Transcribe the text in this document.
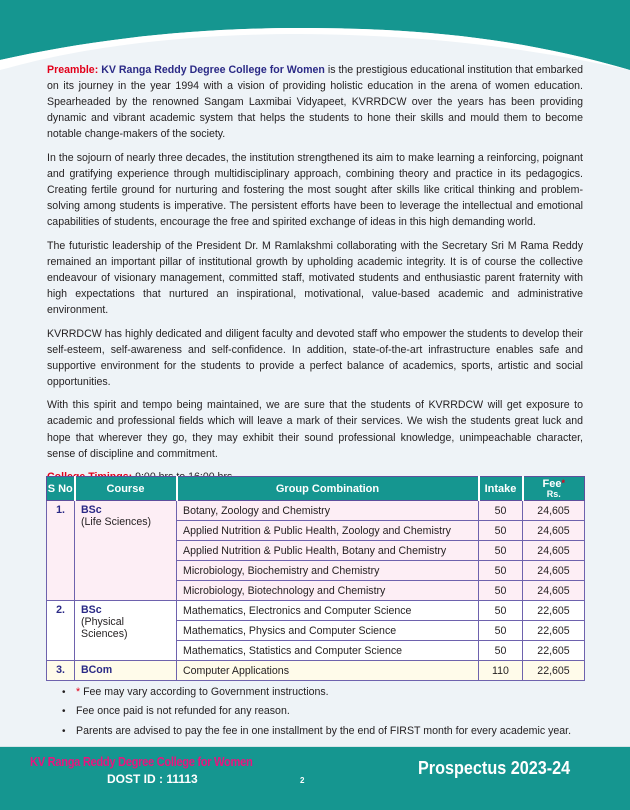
Preamble: KV Ranga Reddy Degree College for Women is the prestigious educational institution that embarked on its journey in the year 1994 with a vision of providing holistic education in the arena of women education. Spearheaded by the renowned Sangam Laxmibai Vidyapeet, KVRRDCW over the years has been providing dynamic and vibrant academic system that helps the students to hone their skills and mould them to become notable change-makers of the society.

In the sojourn of nearly three decades, the institution strengthened its aim to make learning a reinforcing, poignant and gratifying experience through multidisciplinary approach, combining theory and practice in its pedagogics. Creating fertile ground for nurturing and fostering the most sought after skills like critical thinking and problem-solving among students is imperative. The persistent efforts have been to leverage the intellectual and emotional capabilities of students, encourage the free and spirited exchange of ideas in this high demanding world.

The futuristic leadership of the President Dr. M Ramlakshmi collaborating with the Secretary Sri M Rama Reddy remained an important pillar of institutional growth by upholding academic integrity. It is of course the collective endeavour of visionary management, committed staff, motivated students and enthusiastic parent fraternity with high expectations that nurtured an inspirational, motivational, value-based academic and administrative environment.

KVRRDCW has highly dedicated and diligent faculty and devoted staff who empower the students to develop their self-esteem, self-awareness and self-confidence. In addition, state-of-the-art infrastructure enables safe and supportive environment for the students to provide a perfect balance of academics, sports, artistic and social opportunities.

With this spirit and tempo being maintained, we are sure that the students of KVRRDCW will get exposure to academic and professional fields which will leave a mark of their services. We wish the students great luck and hope that wherever they go, they may exhibit their sound professional knowledge, unimpeachable character, sense of discipline and commitment.

S No	Course	Group Combination	Intake	Fee*
Rs.

1.	BSc
(Life Sciences)	Botany, Zoology and Chemistry	50	24,605
		Applied Nutrition & Public Health, Zoology and Chemistry	50	24,605
		Applied Nutrition & Public Health, Botany and Chemistry	50	24,605
		Microbiology, Biochemistry and Chemistry	50	24,605
		Microbiology, Biotechnology and Chemistry	50	24,605
2.	BSc
(Physical Sciences)	Mathematics, Electronics and Computer Science	50	22,605
		Mathematics, Physics and Computer Science	50	22,605
		Mathematics, Statistics and Computer Science	50	22,605
3.	BCom	Computer Applications	110	22,605
• * Fee may vary according to Government instructions.
• Fee once paid is not refunded for any reason.
• Parents are advised to pay the fee in one installment by the end of FIRST month for every academic year.
KV Ranga Reddy Degree College for Women
DOST ID : 11113	2
Prospectus 2023-24
